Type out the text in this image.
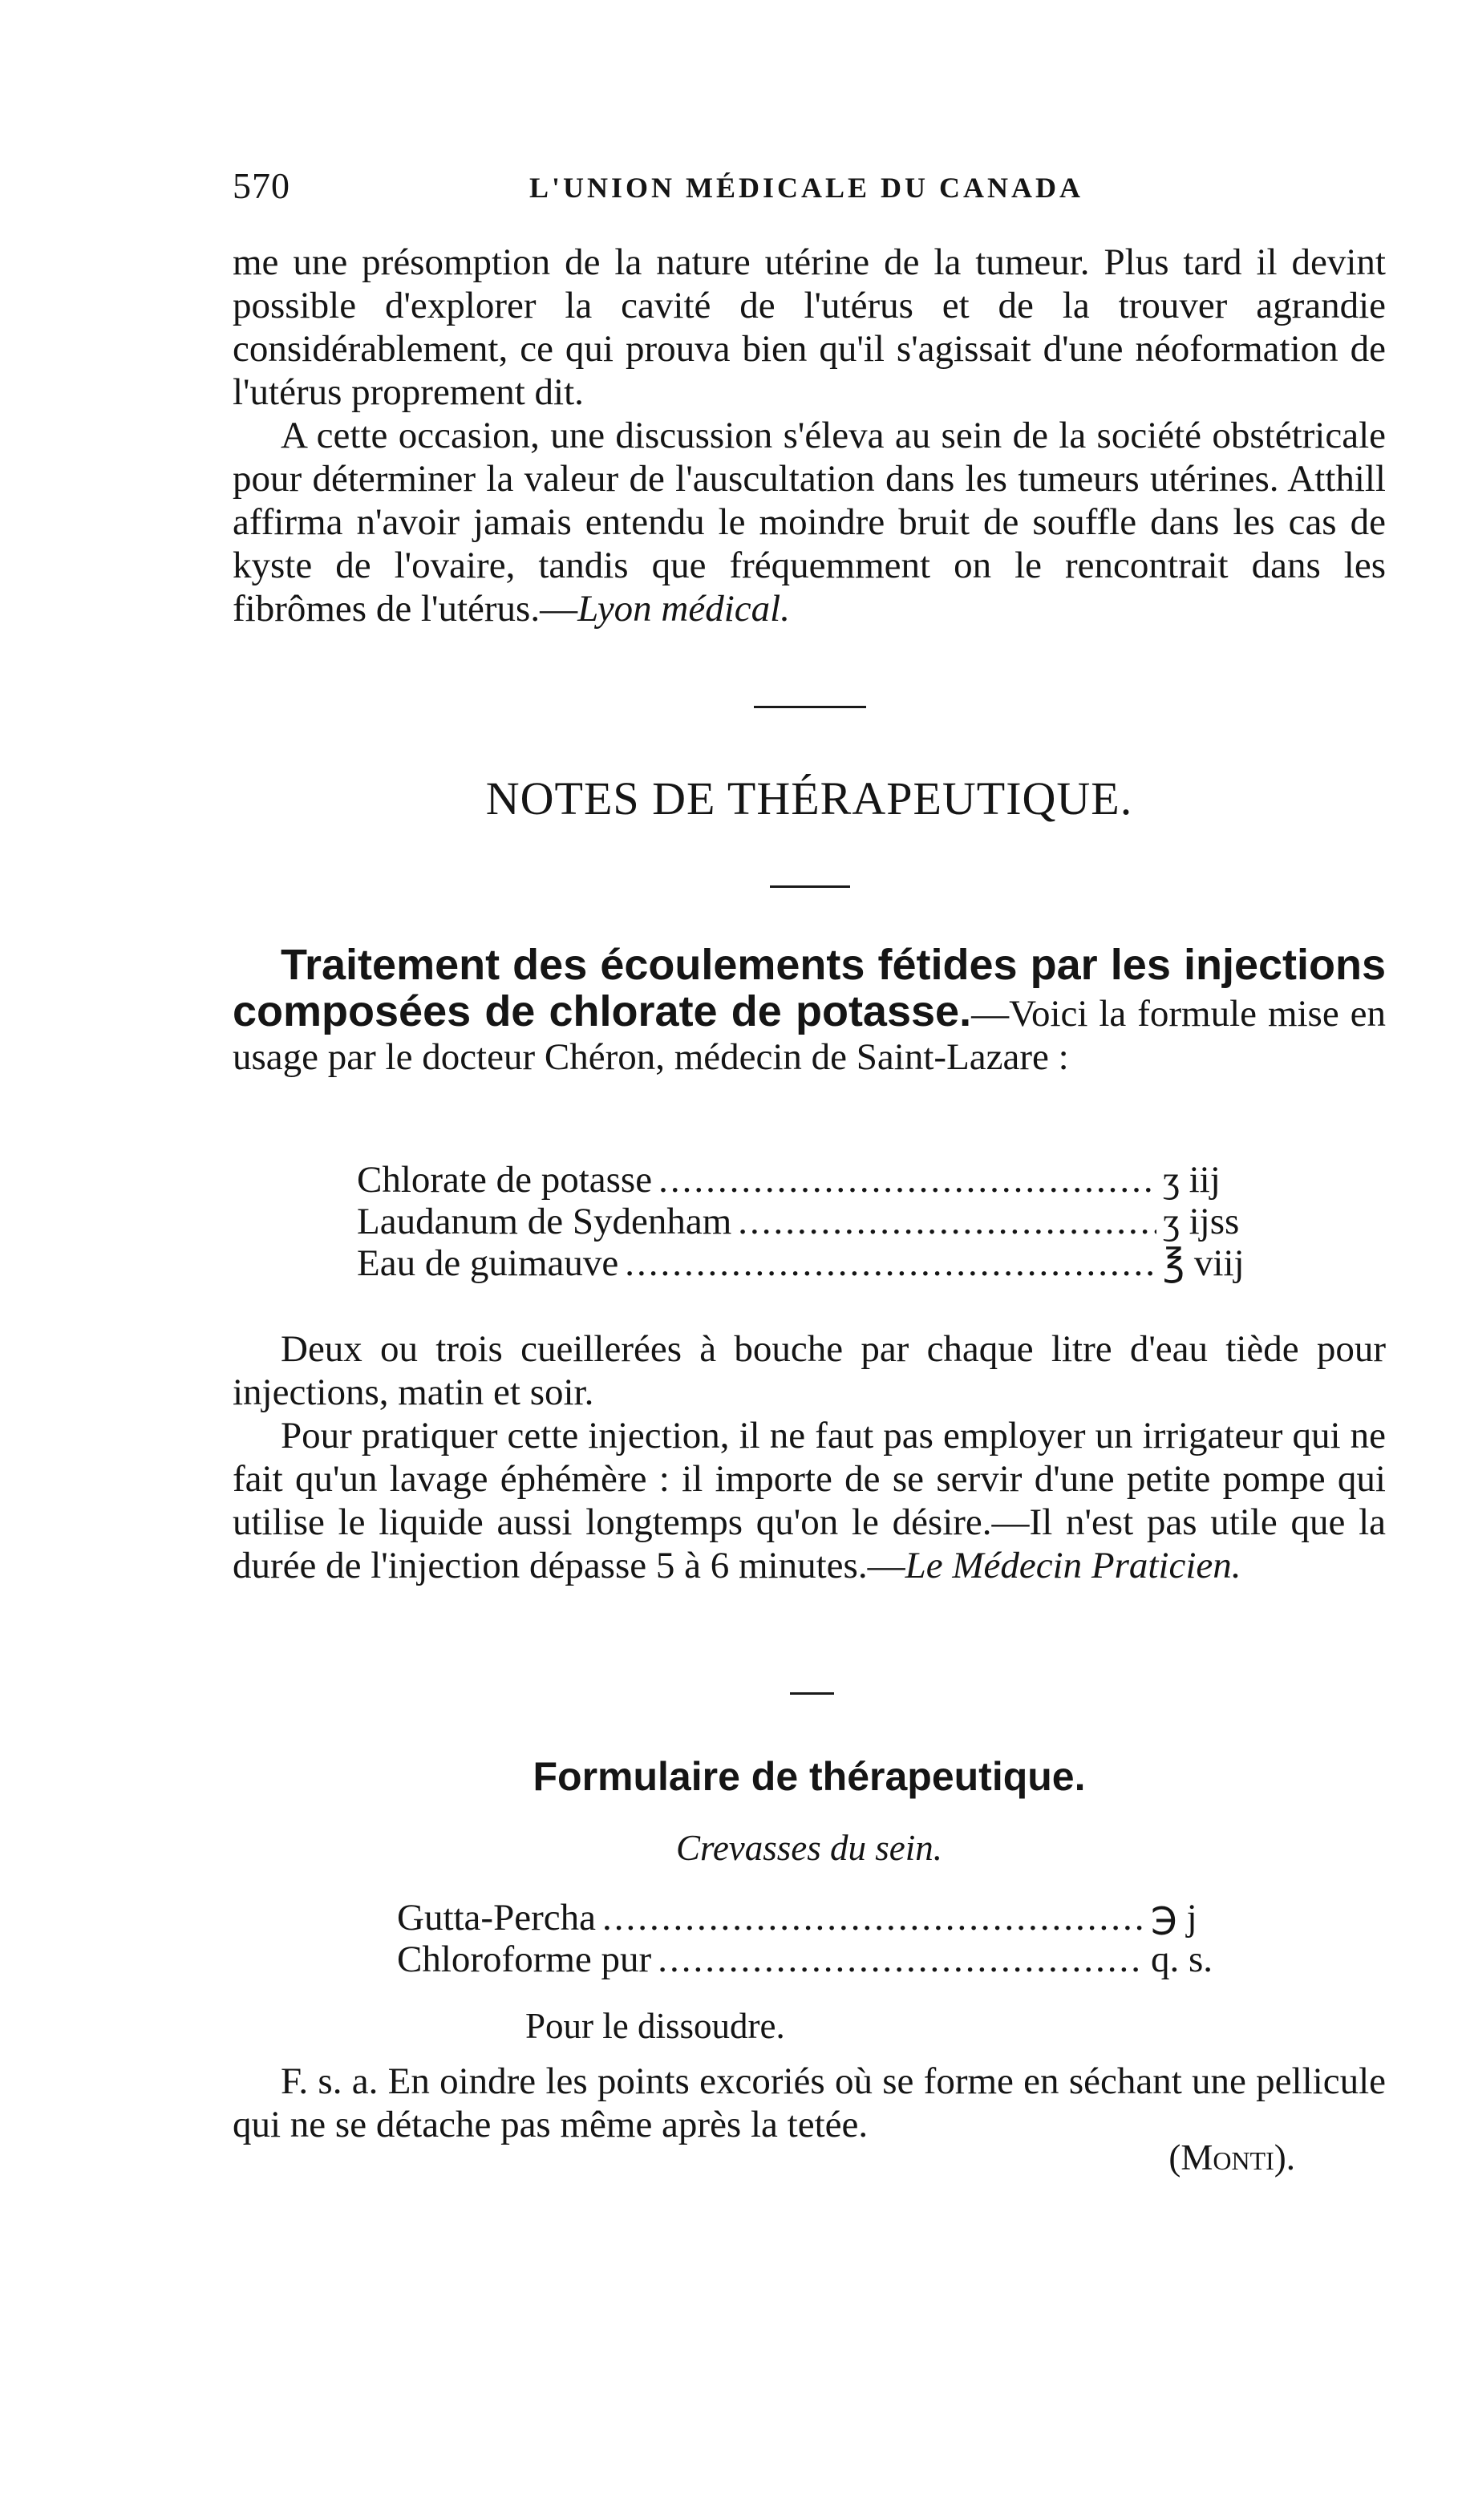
570	L'UNION MÉDICALE DU CANADA

me une présomption de la nature utérine de la tumeur. Plus tard il devint possible d'explorer la cavité de l'utérus et de la trouver agrandie considérablement, ce qui prouva bien qu'il s'agissait d'une néoformation de l'utérus proprement dit.

A cette occasion, une discussion s'éleva au sein de la société obstétricale pour déterminer la valeur de l'auscultation dans les tumeurs utérines. Atthill affirma n'avoir jamais entendu le moindre bruit de souffle dans les cas de kyste de l'ovaire, tandis que fréquemment on le rencontrait dans les fibrômes de l'utérus.—Lyon médical.

NOTES DE THÉRAPEUTIQUE.

Traitement des écoulements fétides par les injections composées de chlorate de potasse.—Voici la formule mise en usage par le docteur Chéron, médecin de Saint-Lazare :

Chlorate de potasse .....	ʒ iij
Laudanum de Sydenham .....	ʒ ijss
Eau de guimauve .....	℥ viij

Deux ou trois cueillerées à bouche par chaque litre d'eau tiède pour injections, matin et soir.

Pour pratiquer cette injection, il ne faut pas employer un irrigateur qui ne fait qu'un lavage éphémère : il importe de se servir d'une petite pompe qui utilise le liquide aussi longtemps qu'on le désire.—Il n'est pas utile que la durée de l'injection dépasse 5 à 6 minutes.—Le Médecin Praticien.

Formulaire de thérapeutique.
Crevasses du sein.
Gutta-Percha .....	℈ j
Chloroforme pur .....	q. s.
Pour le dissoudre.

F. s. a. En oindre les points excoriés où se forme en séchant une pellicule qui ne se détache pas même après la tetée.

(Monti).
